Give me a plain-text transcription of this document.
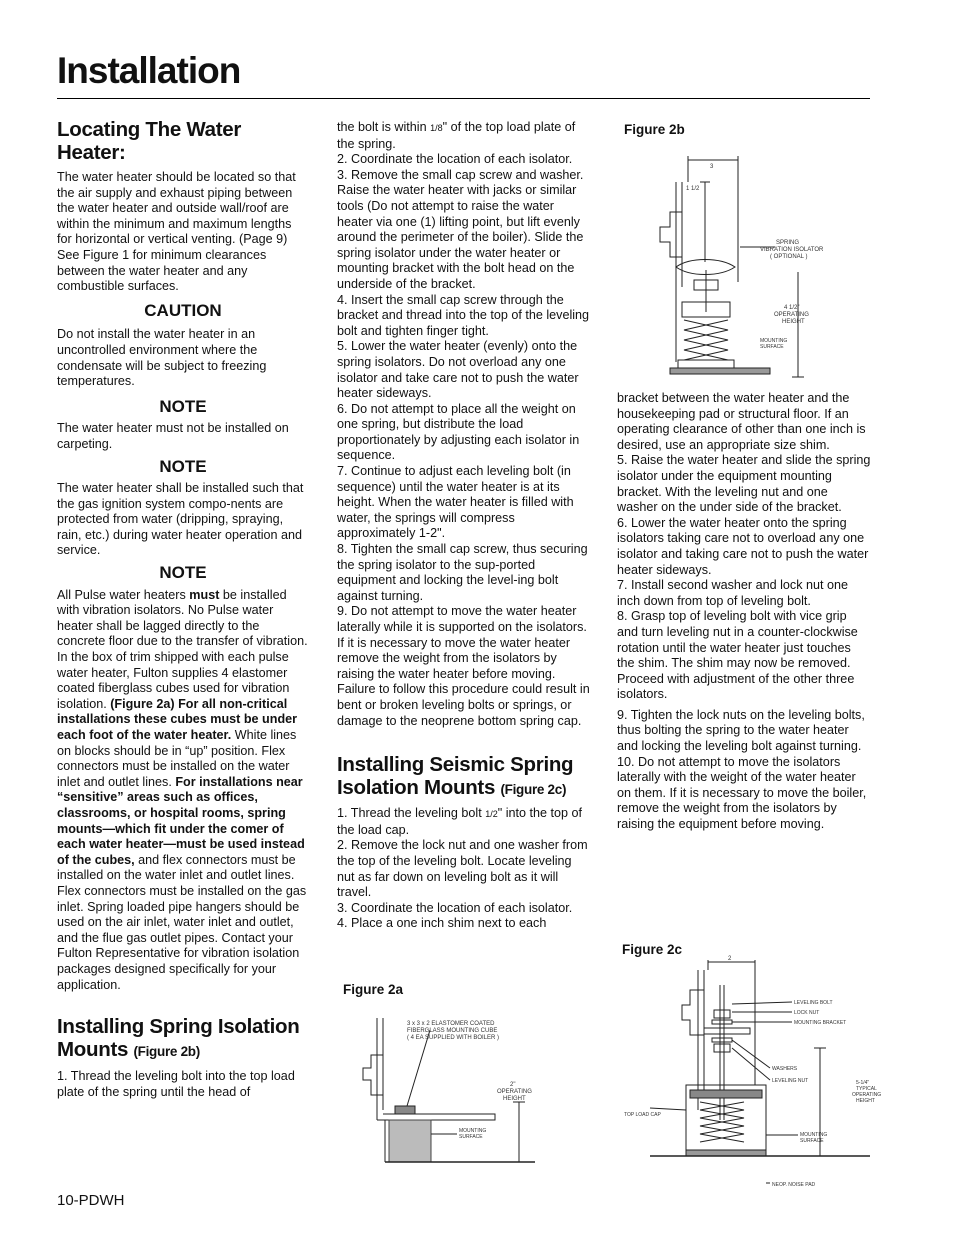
Installation
Locating The Water Heater:

The water heater should be located so that the air supply and exhaust piping between the water heater and outside wall/roof are within the minimum and maximum lengths for horizontal or vertical venting. (Page 9) See Figure 1 for minimum clearances between the water heater and any combustible surfaces.

CAUTION

Do not install the water heater in an uncontrolled environment where the condensate will be subject to freezing temperatures.

NOTE

The water heater must not be installed on carpeting.

NOTE

The water heater shall be installed such that the gas ignition system compo-nents are protected from water (dripping, spraying, rain, etc.) during water heater operation and service.

NOTE

All Pulse water heaters must be installed with vibration isolators. No Pulse water heater shall be lagged directly to the concrete floor due to the transfer of vibration. In the box of trim shipped with each pulse water heater, Fulton supplies 4 elastomer coated fiberglass cubes used for vibration isolation. (Figure 2a) For all non-critical installations these cubes must be under each foot of the water heater. White lines on blocks should be in “up” position. Flex connectors must be installed on the water inlet and outlet lines. For installations near “sensitive” areas such as offices, classrooms, or hospital rooms, spring mounts—which fit under the comer of each water heater—must be used instead of the cubes, and flex connectors must be installed on the water inlet and outlet lines. Flex connectors must be installed on the gas inlet. Spring loaded pipe hangers should be used on the air inlet, water inlet and outlet, and the flue gas outlet pipes. Contact your Fulton Representative for vibration isolation packages designed specifically for your application.

Installing Spring Isolation Mounts (Figure 2b)

1. Thread the leveling bolt into the top load plate of the spring until the head of

the bolt is within 1/8" of the top load plate of the spring.

2. Coordinate the location of each isolator.

3. Remove the small cap screw and washer. Raise the water heater with jacks or similar tools (Do not attempt to raise the water heater via one (1) lifting point, but lift evenly around the perimeter of the boiler). Slide the spring isolator under the water heater or mounting bracket with the bolt head on the underside of the bracket.

4. Insert the small cap screw through the bracket and thread into the top of the leveling bolt and tighten finger tight.

5. Lower the water heater (evenly) onto the spring isolators. Do not overload any one isolator and take care not to push the water heater sideways.

6. Do not attempt to place all the weight on one spring, but distribute the load proportionately by adjusting each isolator in sequence.

7. Continue to adjust each leveling bolt (in sequence) until the water heater is at its height. When the water heater is filled with water, the springs will compress approximately 1-2".

8. Tighten the small cap screw, thus securing the spring isolator to the sup-ported equipment and locking the level-ing bolt against turning.

9. Do not attempt to move the water heater laterally while it is supported on the isolators. If it is necessary to move the water heater remove the weight from the isolators by raising the water heater before moving. Failure to follow this procedure could result in bent or broken leveling bolts or springs, or damage to the neoprene bottom spring cap.

Installing Seismic Spring Isolation Mounts (Figure 2c)

1. Thread the leveling bolt 1/2" into the top of the load cap.

2. Remove the lock nut and one washer from the top of the leveling bolt. Locate leveling nut as far down on leveling bolt as it will travel.

3. Coordinate the location of each isolator.

4. Place a one inch shim next to each

Figure 2a
Figure 2b

bracket between the water heater and the housekeeping pad or structural floor. If an operating clearance of other than one inch is desired, use an appropriate size shim.

5. Raise the water heater and slide the spring isolator under the equipment mounting bracket. With the leveling nut and one washer on the under side of the bracket.

6. Lower the water heater onto the spring isolators taking care not to overload any one isolator and taking care not to push the water heater sideways.

7. Install second washer and lock nut one inch down from top of leveling bolt.

8. Grasp top of leveling bolt with vice grip and turn leveling nut in a counter-clockwise rotation until the water heater just touches the shim. The shim may now be removed. Proceed with adjustment of the other three isolators.

9. Tighten the lock nuts on the leveling bolts, thus bolting the spring to the water heater and locking the leveling bolt against turning.

10. Do not attempt to move the isolators laterally with the weight of the water heater on them. If it is necessary to move the boiler, remove the weight from the isolators by raising the equipment before moving.

Figure 2c
3 x 3 x 2 ELASTOMER COATED
FIBERGLASS MOUNTING CUBE
( 4 EA SUPPLIED WITH BOILER )
2"
OPERATING
HEIGHT
MOUNTING
SURFACE
3
1 1/2
SPRING
VIBRATION ISOLATOR
( OPTIONAL )
4 1/2"
OPERATING
HEIGHT
MOUNTING
SURFACE
2
LEVELING BOLT
LOCK NUT
MOUNTING BRACKET
WASHERS
LEVELING NUT	5-1/4"
TYPICAL
OPERATING
HEIGHT
TOP LOAD CAP
MOUNTING
SURFACE
NEOP. NOISE PAD
10-PDWH
